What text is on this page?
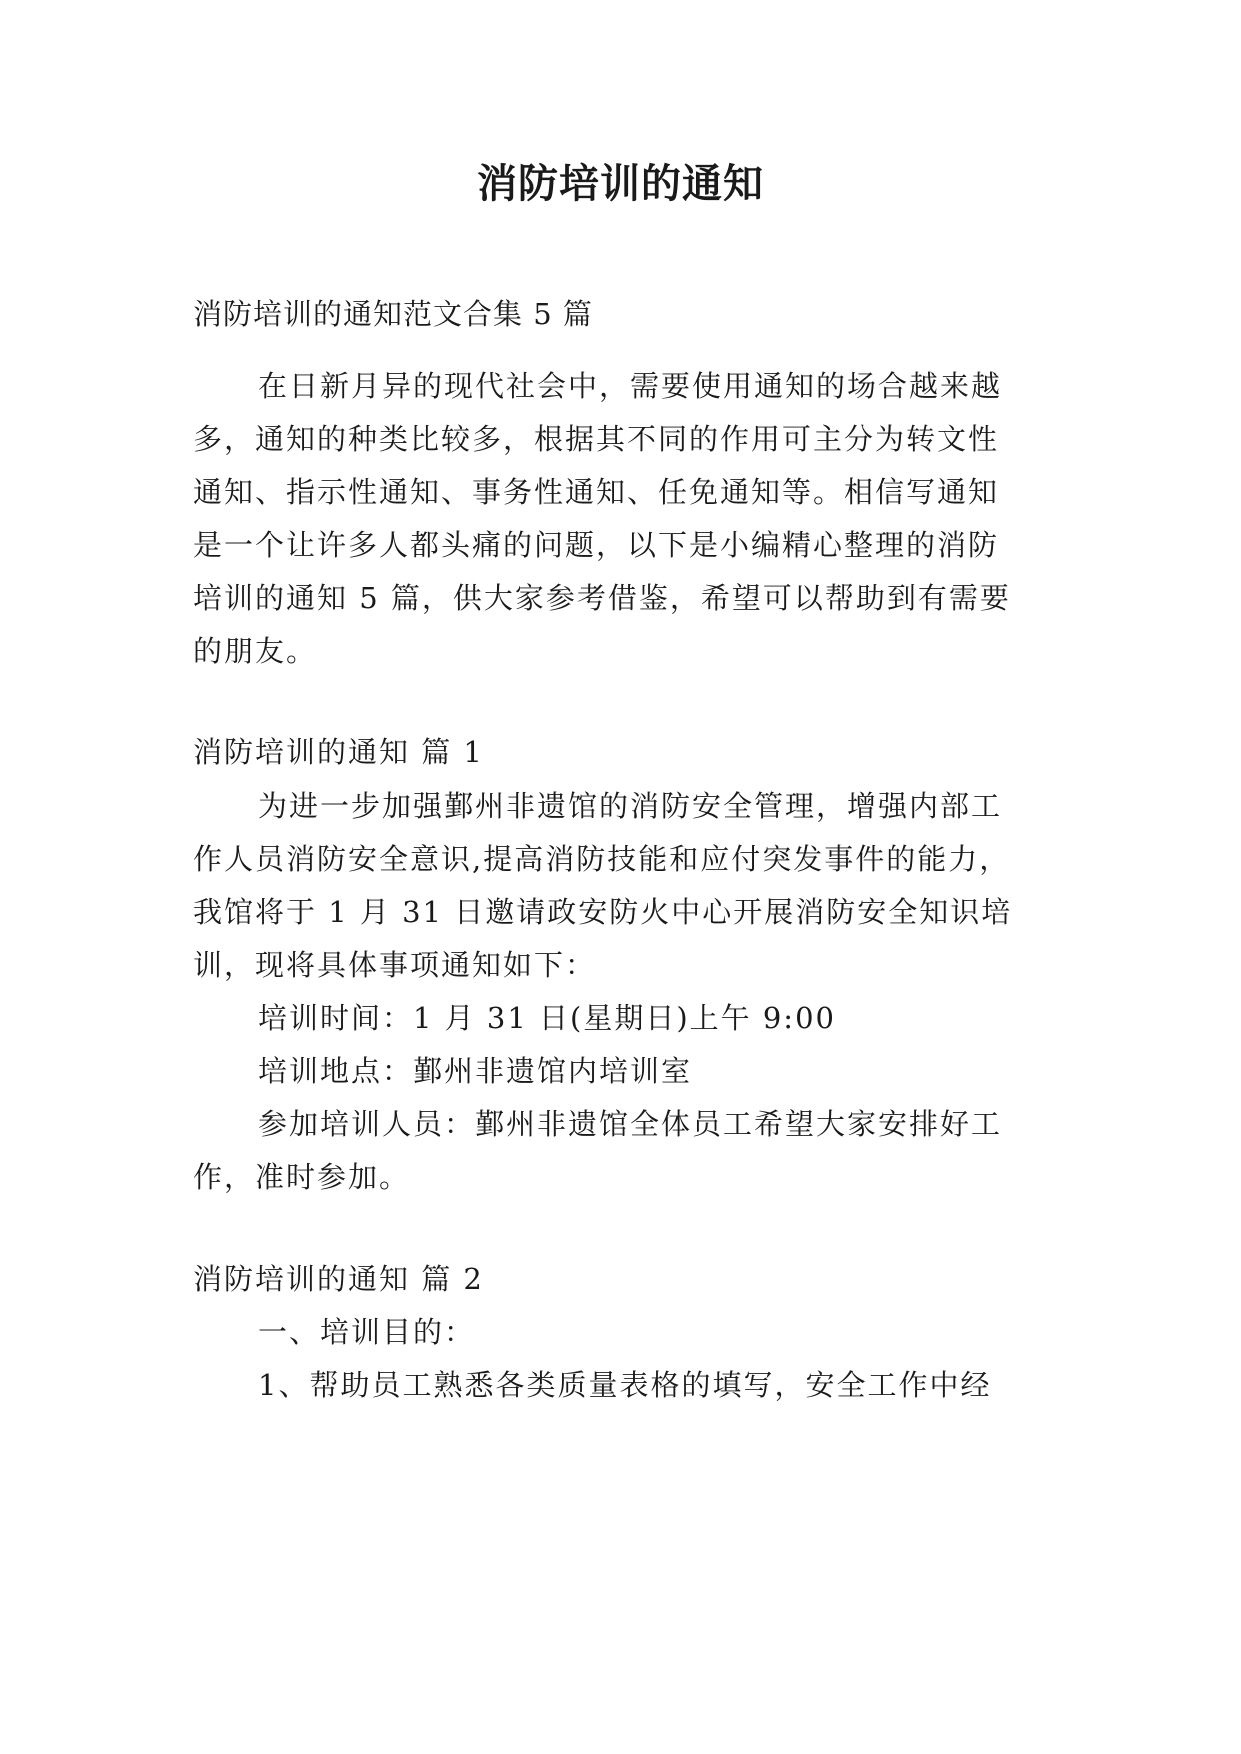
消防培训的通知
消防培训的通知范文合集 5 篇
在日新月异的现代社会中，需要使用通知的场合越来越
多，通知的种类比较多，根据其不同的作用可主分为转文性
通知、指示性通知、事务性通知、任免通知等。相信写通知
是一个让许多人都头痛的问题，以下是小编精心整理的消防
培训的通知 5 篇，供大家参考借鉴，希望可以帮助到有需要
的朋友。
消防培训的通知 篇 1
为进一步加强鄞州非遗馆的消防安全管理，增强内部工
作人员消防安全意识,提高消防技能和应付突发事件的能力，
我馆将于 1 月 31 日邀请政安防火中心开展消防安全知识培
训，现将具体事项通知如下：
培训时间：1 月 31 日(星期日)上午 9:00
培训地点：鄞州非遗馆内培训室
参加培训人员：鄞州非遗馆全体员工希望大家安排好工
作，准时参加。
消防培训的通知 篇 2
一、培训目的：
1、帮助员工熟悉各类质量表格的填写，安全工作中经
